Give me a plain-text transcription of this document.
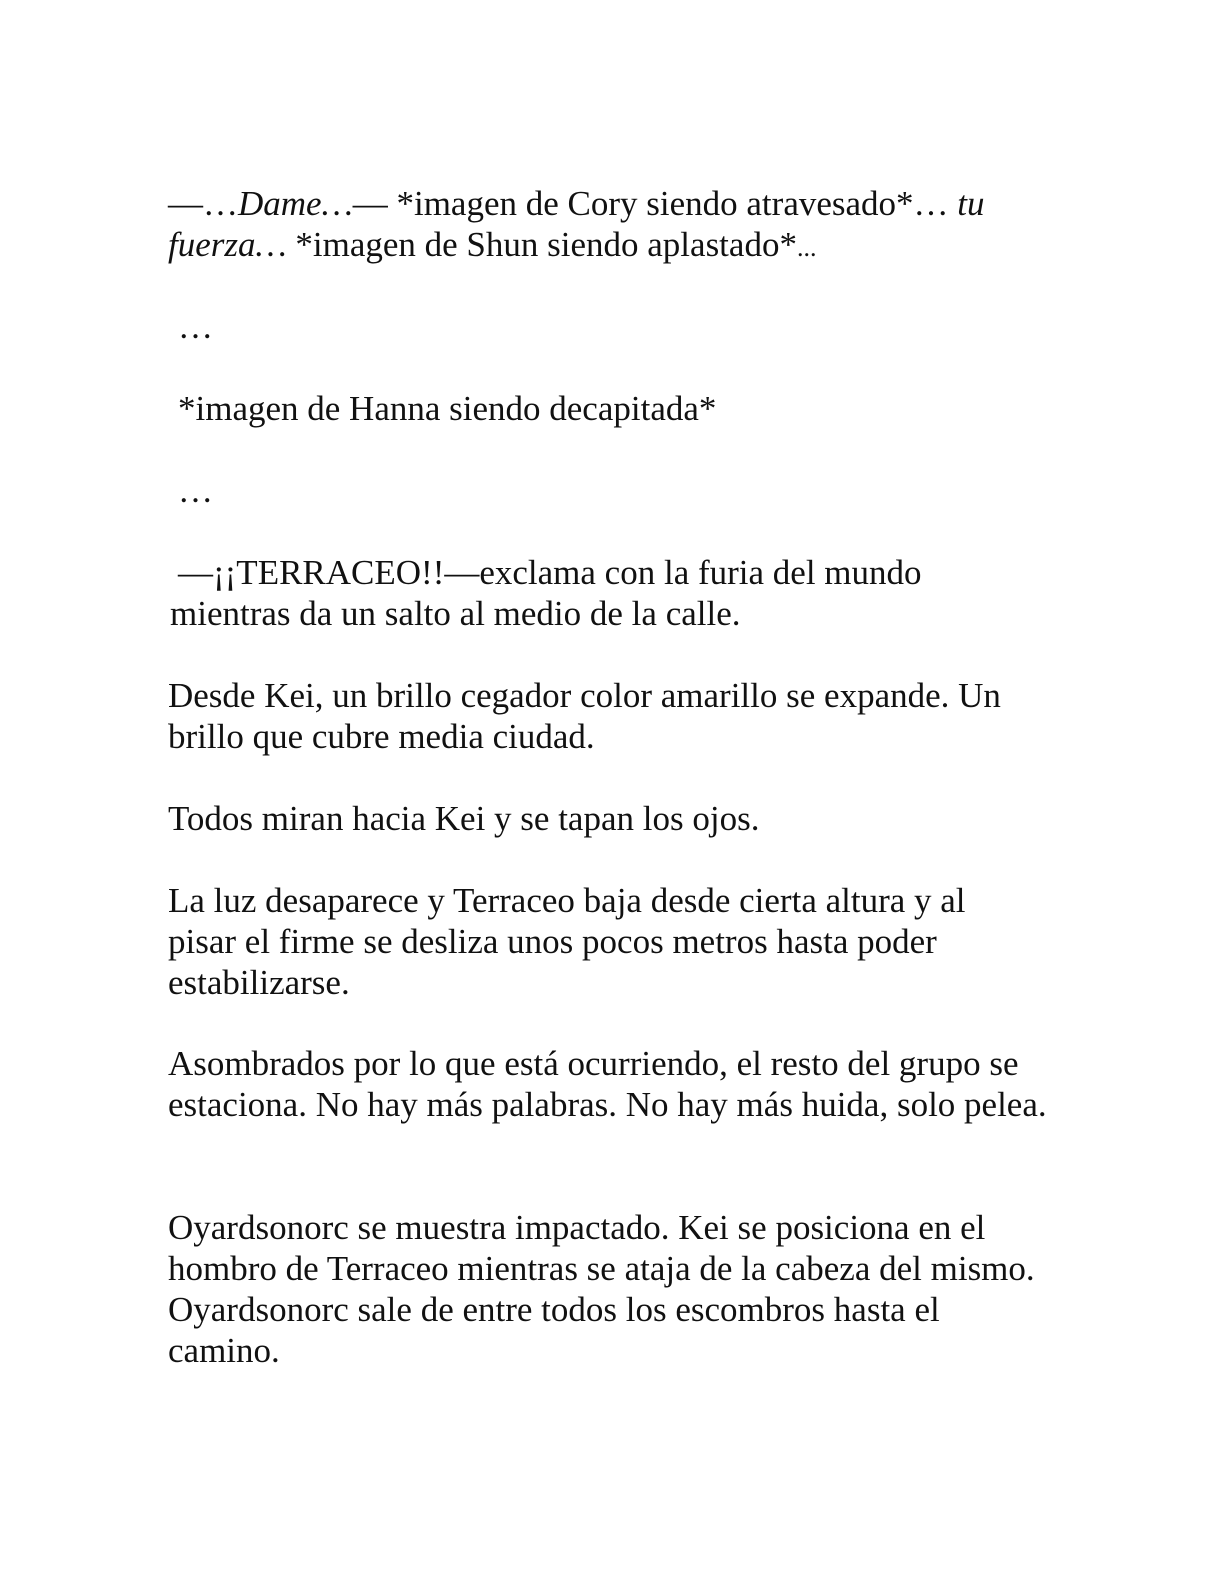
—…Dame…— *imagen de Cory siendo atravesado*… tu
fuerza… *imagen de Shun siendo aplastado*...

…

*imagen de Hanna siendo decapitada*

…

—¡¡TERRACEO!!—exclama con la furia del mundo mientras da un salto al medio de la calle.

Desde Kei, un brillo cegador color amarillo se expande. Un brillo que cubre media ciudad.

Todos miran hacia Kei y se tapan los ojos.

La luz desaparece y Terraceo baja desde cierta altura y al pisar el firme se desliza unos pocos metros hasta poder estabilizarse.

Asombrados por lo que está ocurriendo, el resto del grupo se estaciona. No hay más palabras. No hay más huida, solo pelea.

Oyardsonorc se muestra impactado. Kei se posiciona en el hombro de Terraceo mientras se ataja de la cabeza del mismo. Oyardsonorc sale de entre todos los escombros hasta el camino.
